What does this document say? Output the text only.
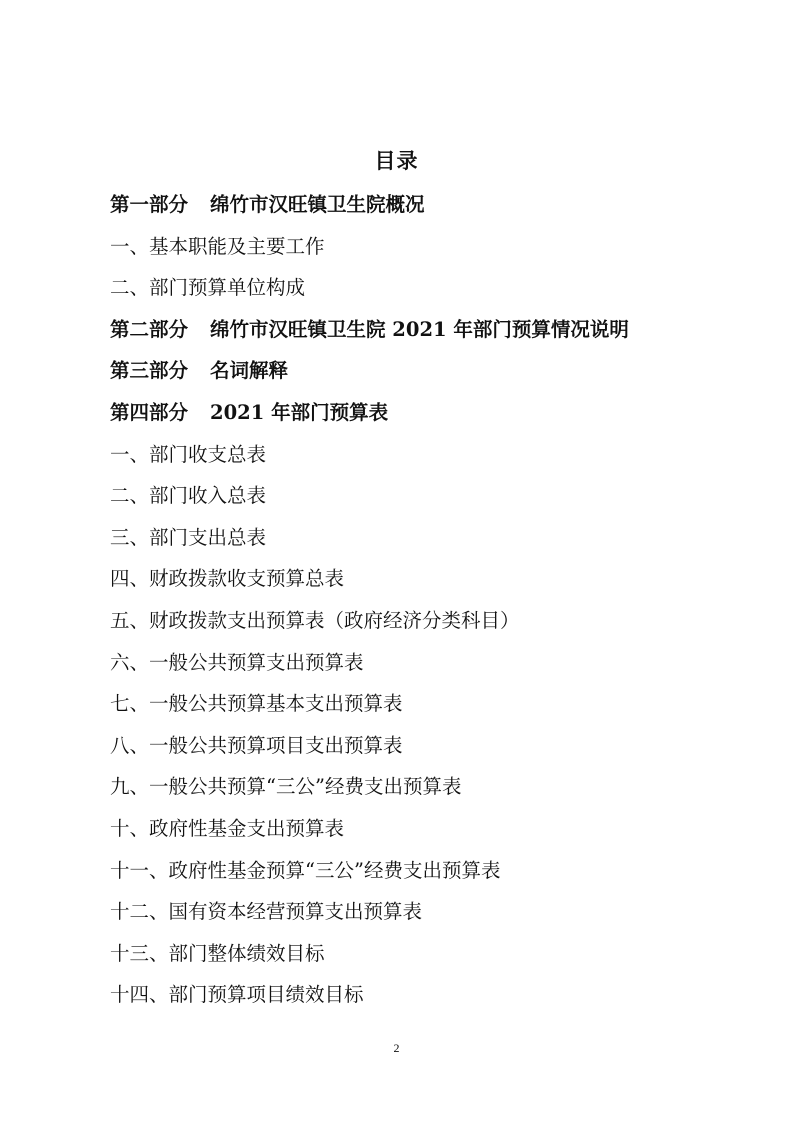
目录
第一部分 绵竹市汉旺镇卫生院概况
一、基本职能及主要工作
二、部门预算单位构成
第二部分 绵竹市汉旺镇卫生院 2021 年部门预算情况说明
第三部分 名词解释
第四部分 2021 年部门预算表
一、部门收支总表
二、部门收入总表
三、部门支出总表
四、财政拨款收支预算总表
五、财政拨款支出预算表（政府经济分类科目）
六、一般公共预算支出预算表
七、一般公共预算基本支出预算表
八、一般公共预算项目支出预算表
九、一般公共预算“三公”经费支出预算表
十、政府性基金支出预算表
十一、政府性基金预算“三公”经费支出预算表
十二、国有资本经营预算支出预算表
十三、部门整体绩效目标
十四、部门预算项目绩效目标
2
